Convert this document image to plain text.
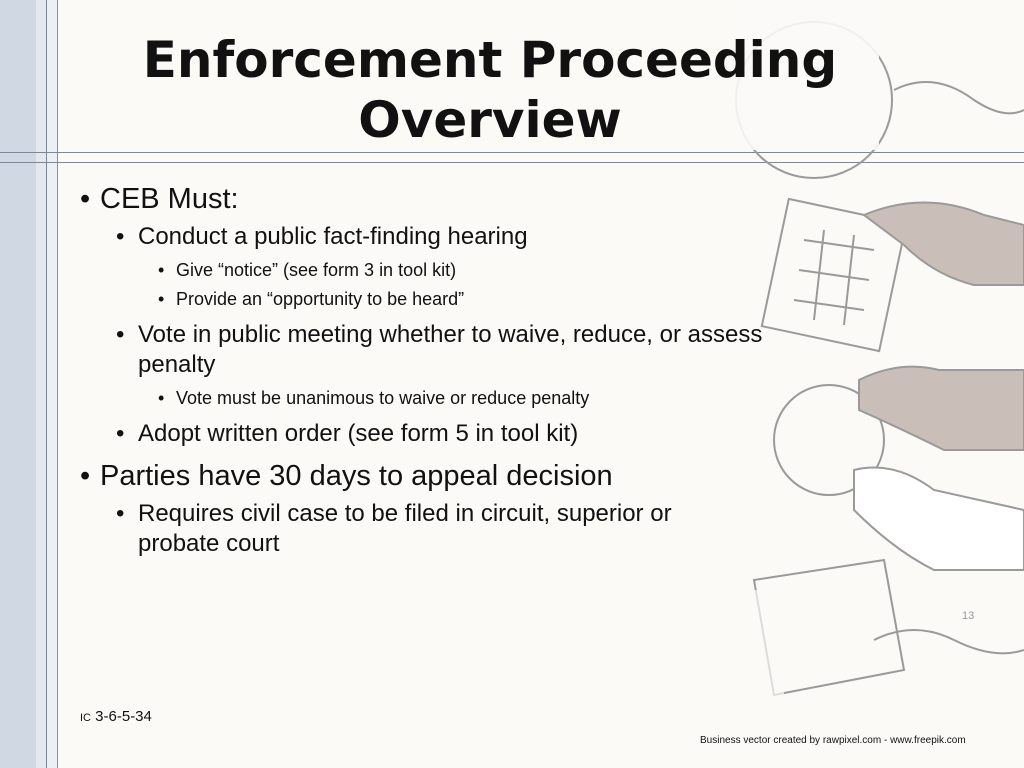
Enforcement Proceeding
Overview
• CEB Must:
• Conduct a public fact-finding hearing
• Give “notice” (see form 3 in tool kit)
• Provide an “opportunity to be heard”
• Vote in public meeting whether to waive, reduce, or assess penalty
• Vote must be unanimous to waive or reduce penalty
• Adopt written order (see form 5 in tool kit)
• Parties have 30 days to appeal decision
• Requires civil case to be filed in circuit, superior or probate court
13
IC 3-6-5-34
Business vector created by rawpixel.com - www.freepik.com
